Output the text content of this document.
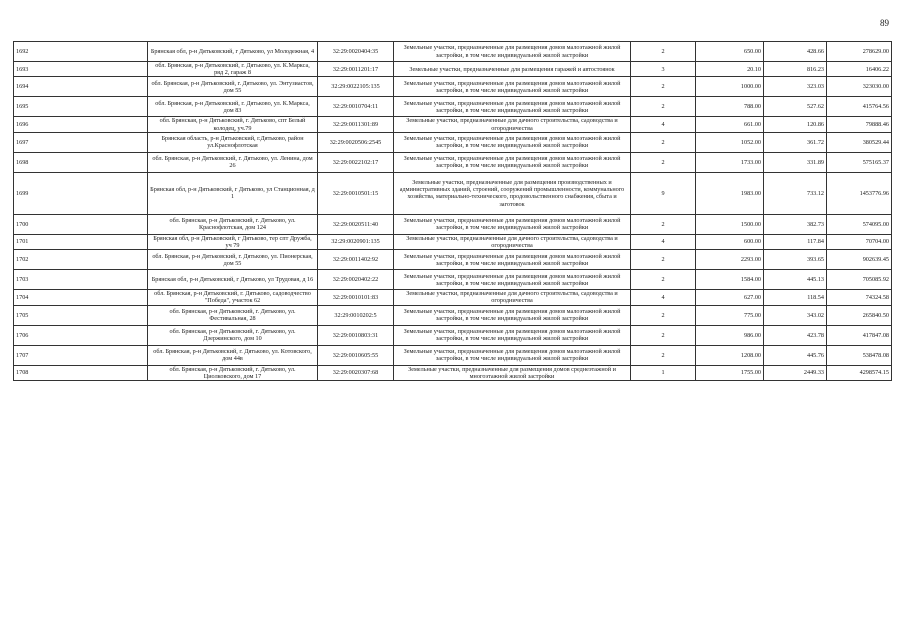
89
1692	Брянская обл, р-н Дятьковский, г Дятьково, ул Молодежная, 4	32:29:0020404:35	Земельные участки, предназначенные для размещения домов малоэтажной жилой застройки, в том числе индивидуальной жилой застройки	2	650.00	428.66	278629.00
1693	обл. Брянская, р-н Дятьковский, г. Дятьково, ул. К.Маркса, ряд 2, гараж 8	32:29:0011201:17	Земельные участки, предназначенные для размещения гаражей и автостоянок	3	20.10	816.23	16406.22
1694	обл. Брянская, р-н Дятьковский, г. Дятьково, ул. Энтузиастов, дом 55	32:29:0022105:135	Земельные участки, предназначенные для размещения домов малоэтажной жилой застройки, в том числе индивидуальной жилой застройки	2	1000.00	323.03	323030.00
1695	обл. Брянская, р-н Дятьковский, г. Дятьково, ул. К.Маркса, дом 83	32:29:0010704:11	Земельные участки, предназначенные для размещения домов малоэтажной жилой застройки, в том числе индивидуальной жилой застройки	2	788.00	527.62	415764.56
1696	обл. Брянская, р-н Дятьковский, г. Дятьково, спт Белый колодец, уч.79	32:29:0011301:89	Земельные участки, предназначенные для дачного строительства, садоводства и огородничества	4	661.00	120.86	79888.46
1697	Брянская область, р-н Дятьковский, г.Дятьково, район ул.Краснофлотская	32:29:0020506:2545	Земельные участки, предназначенные для размещения домов малоэтажной жилой застройки, в том числе индивидуальной жилой застройки	2	1052.00	361.72	380529.44
1698	обл. Брянская, р-н Дятьковский, г. Дятьково, ул. Ленина, дом 26	32:29:0022102:17	Земельные участки, предназначенные для размещения домов малоэтажной жилой застройки, в том числе индивидуальной жилой застройки	2	1733.00	331.89	575165.37
1699	Брянская обл, р-н Дятьковский, г Дятьково, ул Станционная, д 1	32:29:0010501:15	Земельные участки, предназначенные для размещения производственных и административных зданий, строений, сооружений промышленности, коммунального хозяйства, материально-технического, продовольственного снабжения, сбыта и заготовок	9	1983.00	733.12	1453776.96
1700	обл. Брянская, р-н Дятьковский, г. Дятьково, ул. Краснофлотская, дом 124	32:29:0020511:40	Земельные участки, предназначенные для размещения домов малоэтажной жилой застройки, в том числе индивидуальной жилой застройки	2	1500.00	382.73	574095.00
1701	Брянская обл, р-н Дятьковский, г Дятьково, тер спт Дружба, уч 79	32:29:0020901:135	Земельные участки, предназначенные для дачного строительства, садоводства и огородничества	4	600.00	117.84	70704.00
1702	обл. Брянская, р-н Дятьковский, г. Дятьково, ул. Пионерская, дом 55	32:29:0011402:92	Земельные участки, предназначенные для размещения домов малоэтажной жилой застройки, в том числе индивидуальной жилой застройки	2	2293.00	393.65	902639.45
1703	Брянская обл, р-н Дятьковский, г Дятьково, ул Трудовая, д 16	32:29:0020402:22	Земельные участки, предназначенные для размещения домов малоэтажной жилой застройки, в том числе индивидуальной жилой застройки	2	1584.00	445.13	705085.92
1704	обл. Брянская, р-н Дятьковский, г. Дятьково, садоводчество "Победа", участок 62	32:29:0010101:83	Земельные участки, предназначенные для дачного строительства, садоводства и огородничества	4	627.00	118.54	74324.58
1705	обл. Брянская, р-н Дятьковский, г. Дятьково, ул. Фестивальная, 28	32:29:0010202:5	Земельные участки, предназначенные для размещения домов малоэтажной жилой застройки, в том числе индивидуальной жилой застройки	2	775.00	343.02	265840.50
1706	обл. Брянская, р-н Дятьковский, г. Дятьково, ул. Дзержинского, дом 10	32:29:0010803:31	Земельные участки, предназначенные для размещения домов малоэтажной жилой застройки, в том числе индивидуальной жилой застройки	2	986.00	423.78	417847.08
1707	обл. Брянская, р-н Дятьковский, г. Дятьково, ул. Котовского, дом 44в	32:29:0010605:55	Земельные участки, предназначенные для размещения домов малоэтажной жилой застройки, в том числе индивидуальной жилой застройки	2	1208.00	445.76	538478.08
1708	обл. Брянская, р-н Дятьковский, г. Дятьково, ул. Циолковского, дом 17	32:29:0020307:68	Земельные участки, предназначенные для размещения домов среднеэтажной и многоэтажной жилой застройки	1	1755.00	2449.33	4298574.15
